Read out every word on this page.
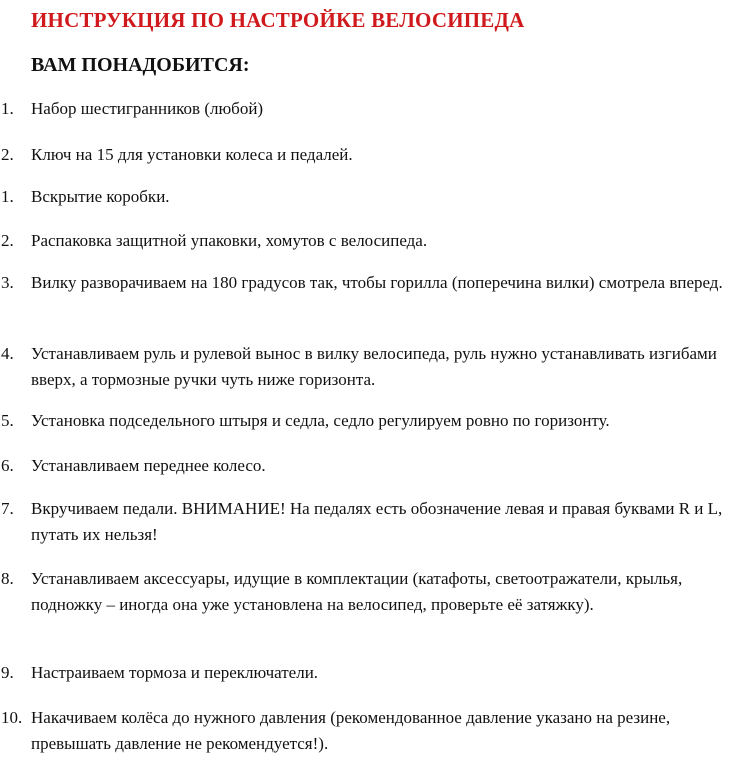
ИНСТРУКЦИЯ ПО НАСТРОЙКЕ ВЕЛОСИПЕДА
ВАМ ПОНАДОБИТСЯ:
1. Набор шестигранников (любой)
2. Ключ на 15 для установки колеса и педалей.
1. Вскрытие коробки.
2. Распаковка защитной упаковки, хомутов с велосипеда.
3. Вилку разворачиваем на 180 градусов так, чтобы горилла (поперечина вилки) смотрела вперед.
4. Устанавливаем руль и рулевой вынос в вилку велосипеда, руль нужно устанавливать изгибами вверх, а тормозные ручки чуть ниже горизонта.
5. Установка подседельного штыря и седла, седло регулируем ровно по горизонту.
6. Устанавливаем переднее колесо.
7. Вкручиваем педали. ВНИМАНИЕ! На педалях есть обозначение левая и правая буквами R и L, путать их нельзя!
8. Устанавливаем аксессуары, идущие в комплектации (катафоты, светоотражатели, крылья, подножку – иногда она уже установлена на велосипед, проверьте её затяжку).
9. Настраиваем тормоза и переключатели.
10. Накачиваем колёса до нужного давления (рекомендованное давление указано на резине, превышать давление не рекомендуется!).
